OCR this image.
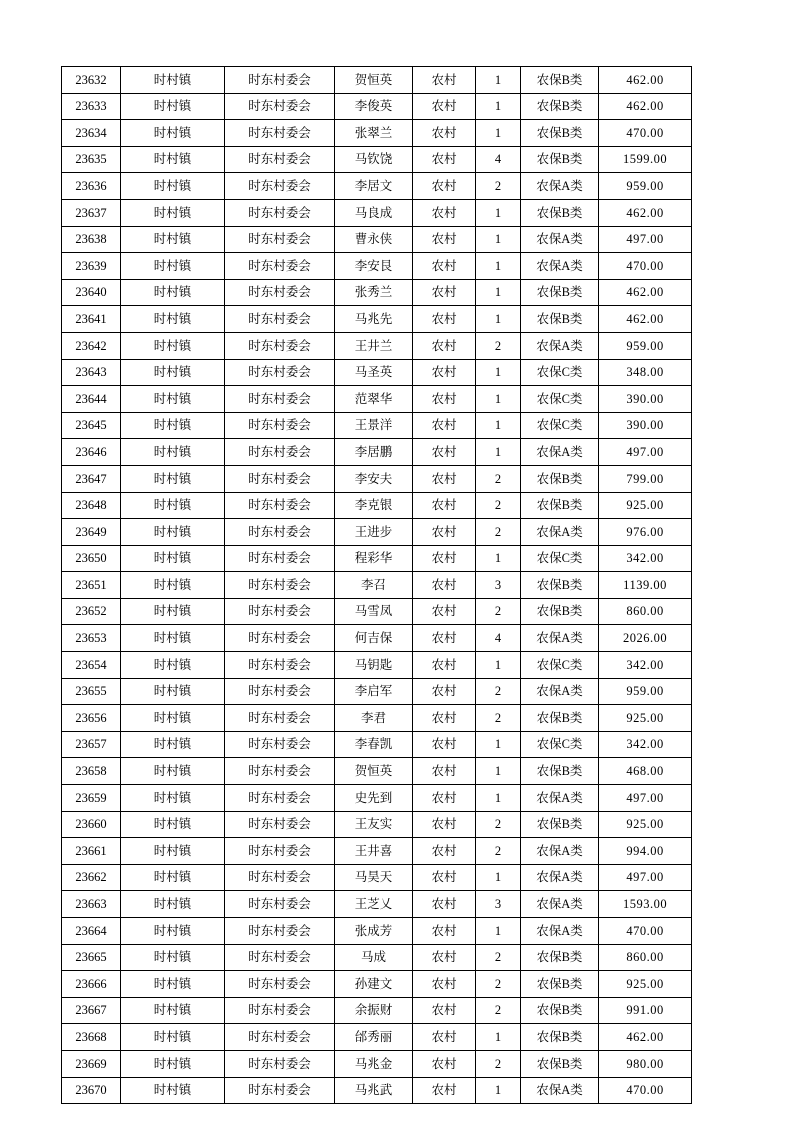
23632	时村镇	时东村委会	贺恒英	农村	1	农保B类	462.00
23633	时村镇	时东村委会	李俊英	农村	1	农保B类	462.00
23634	时村镇	时东村委会	张翠兰	农村	1	农保B类	470.00
23635	时村镇	时东村委会	马钦饶	农村	4	农保B类	1599.00
23636	时村镇	时东村委会	李居文	农村	2	农保A类	959.00
23637	时村镇	时东村委会	马良成	农村	1	农保B类	462.00
23638	时村镇	时东村委会	曹永侠	农村	1	农保A类	497.00
23639	时村镇	时东村委会	李安艮	农村	1	农保A类	470.00
23640	时村镇	时东村委会	张秀兰	农村	1	农保B类	462.00
23641	时村镇	时东村委会	马兆先	农村	1	农保B类	462.00
23642	时村镇	时东村委会	王井兰	农村	2	农保A类	959.00
23643	时村镇	时东村委会	马圣英	农村	1	农保C类	348.00
23644	时村镇	时东村委会	范翠华	农村	1	农保C类	390.00
23645	时村镇	时东村委会	王景洋	农村	1	农保C类	390.00
23646	时村镇	时东村委会	李居鹏	农村	1	农保A类	497.00
23647	时村镇	时东村委会	李安夫	农村	2	农保B类	799.00
23648	时村镇	时东村委会	李克银	农村	2	农保B类	925.00
23649	时村镇	时东村委会	王进步	农村	2	农保A类	976.00
23650	时村镇	时东村委会	程彩华	农村	1	农保C类	342.00
23651	时村镇	时东村委会	李召	农村	3	农保B类	1139.00
23652	时村镇	时东村委会	马雪凤	农村	2	农保B类	860.00
23653	时村镇	时东村委会	何吉保	农村	4	农保A类	2026.00
23654	时村镇	时东村委会	马钥匙	农村	1	农保C类	342.00
23655	时村镇	时东村委会	李启军	农村	2	农保A类	959.00
23656	时村镇	时东村委会	李君	农村	2	农保B类	925.00
23657	时村镇	时东村委会	李春凯	农村	1	农保C类	342.00
23658	时村镇	时东村委会	贺恒英	农村	1	农保B类	468.00
23659	时村镇	时东村委会	史先到	农村	1	农保A类	497.00
23660	时村镇	时东村委会	王友实	农村	2	农保B类	925.00
23661	时村镇	时东村委会	王井喜	农村	2	农保A类	994.00
23662	时村镇	时东村委会	马昊天	农村	1	农保A类	497.00
23663	时村镇	时东村委会	王芝乂	农村	3	农保A类	1593.00
23664	时村镇	时东村委会	张成芳	农村	1	农保A类	470.00
23665	时村镇	时东村委会	马成	农村	2	农保B类	860.00
23666	时村镇	时东村委会	孙建文	农村	2	农保B类	925.00
23667	时村镇	时东村委会	余振财	农村	2	农保B类	991.00
23668	时村镇	时东村委会	邰秀丽	农村	1	农保B类	462.00
23669	时村镇	时东村委会	马兆金	农村	2	农保B类	980.00
23670	时村镇	时东村委会	马兆武	农村	1	农保A类	470.00
